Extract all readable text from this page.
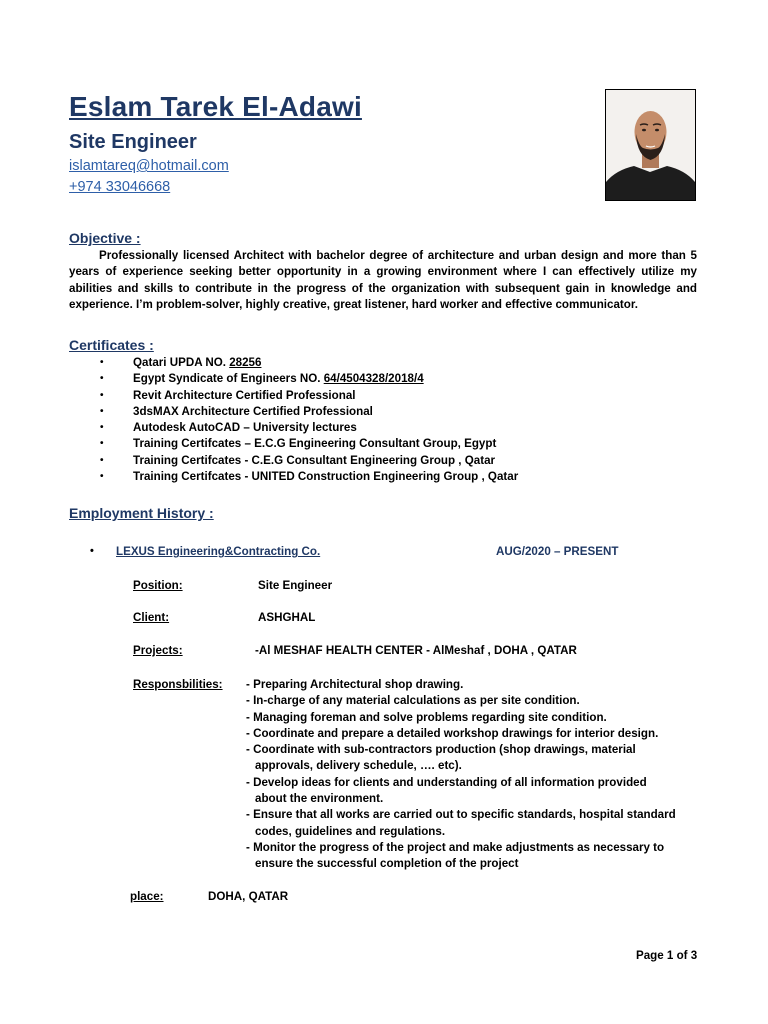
Eslam Tarek El-Adawi
Site Engineer
islamtareq@hotmail.com
+974 33046668
Objective :

Professionally licensed Architect with bachelor degree of architecture and urban design and more than 5 years of experience seeking better opportunity in a growing environment where I can effectively utilize my abilities and skills to contribute in the progress of the organization with subsequent gain in knowledge and experience. I’m problem-solver, highly creative, great listener, hard worker and effective communicator.

Certificates :
•	Qatari UPDA NO. 28256
•	Egypt Syndicate of Engineers NO. 64/4504328/2018/4
•	Revit Architecture Certified Professional
•	3dsMAX Architecture Certified Professional
•	Autodesk AutoCAD – University lectures
•	Training Certifcates – E.C.G Engineering Consultant Group, Egypt
•	Training Certifcates - C.E.G Consultant Engineering Group , Qatar
•	Training Certifcates - UNITED Construction Engineering Group , Qatar
Employment History :
• LEXUS Engineering&Contracting Co.	AUG/2020 – PRESENT
Position:	Site Engineer
Client:	ASHGHAL
Projects:	-Al MESHAF HEALTH CENTER - AlMeshaf , DOHA , QATAR
Responsbilities: - Preparing Architectural shop drawing.
- In-charge of any material calculations as per site condition.
- Managing foreman and solve problems regarding site condition.
- Coordinate and prepare a detailed workshop drawings for interior design.
- Coordinate with sub-contractors production (shop drawings, material
approvals, delivery schedule, …. etc).
- Develop ideas for clients and understanding of all information provided
about the environment.
- Ensure that all works are carried out to specific standards, hospital standard
codes, guidelines and regulations.
- Monitor the progress of the project and make adjustments as necessary to
ensure the successful completion of the project
place:	DOHA, QATAR
Page 1 of 3
